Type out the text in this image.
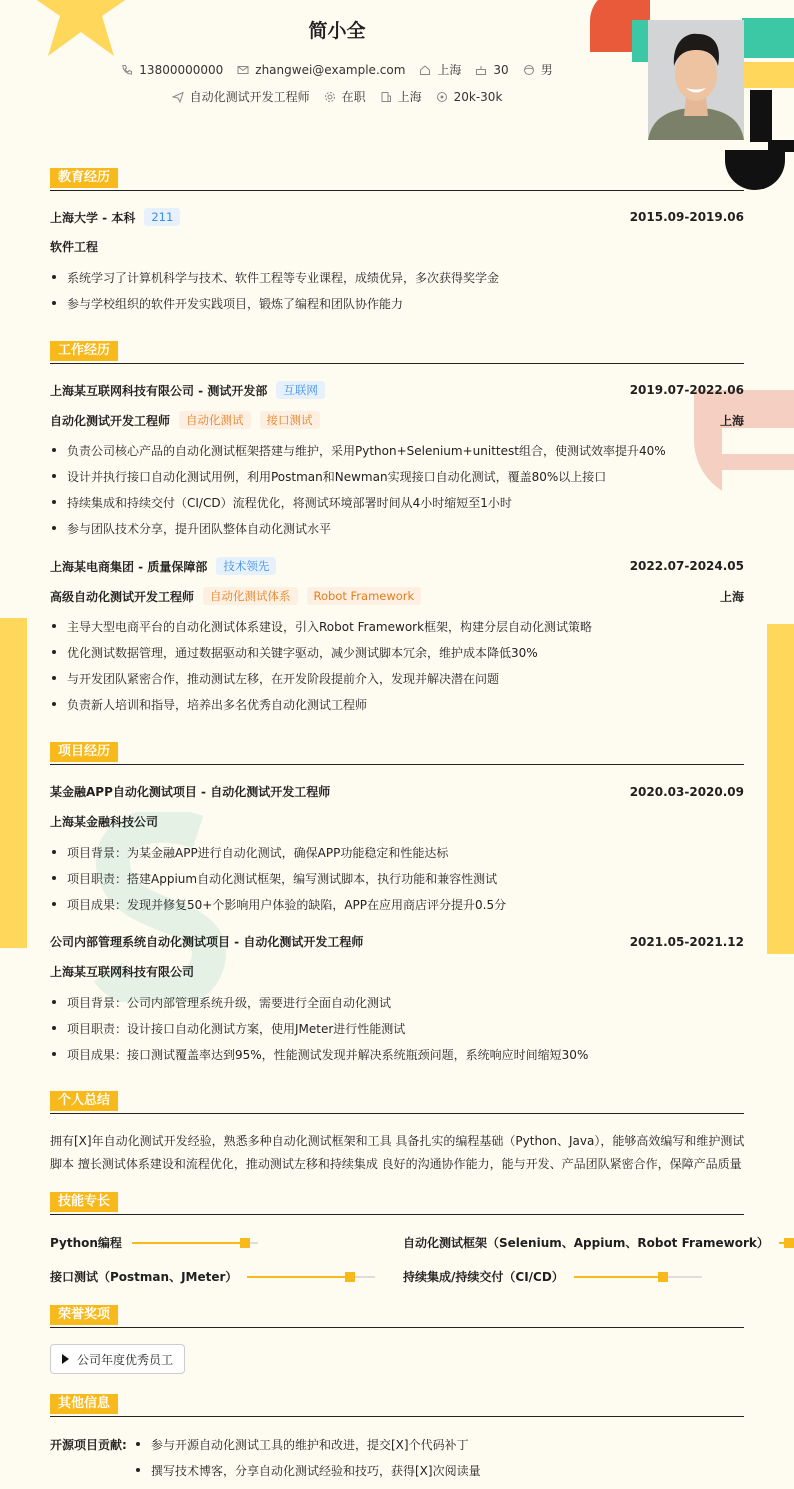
简小全
13800000000	zhangwei@example.com	上海	30	男
自动化测试开发工程师	在职	上海	20k-30k
教育经历
上海大学 - 本科	211	2015.09-2019.06
软件工程
系统学习了计算机科学与技术、软件工程等专业课程，成绩优异，多次获得奖学金
参与学校组织的软件开发实践项目，锻炼了编程和团队协作能力
工作经历
上海某互联网科技有限公司 - 测试开发部	互联网	2019.07-2022.06
自动化测试开发工程师	自动化测试	接口测试	上海
负责公司核心产品的自动化测试框架搭建与维护，采用Python+Selenium+unittest组合，使测试效率提升40%
设计并执行接口自动化测试用例，利用Postman和Newman实现接口自动化测试，覆盖80%以上接口
持续集成和持续交付（CI/CD）流程优化，将测试环境部署时间从4小时缩短至1小时
参与团队技术分享，提升团队整体自动化测试水平
上海某电商集团 - 质量保障部	技术领先	2022.07-2024.05
高级自动化测试开发工程师	自动化测试体系	Robot Framework	上海
主导大型电商平台的自动化测试体系建设，引入Robot Framework框架，构建分层自动化测试策略
优化测试数据管理，通过数据驱动和关键字驱动，减少测试脚本冗余，维护成本降低30%
与开发团队紧密合作，推动测试左移，在开发阶段提前介入，发现并解决潜在问题
负责新人培训和指导，培养出多名优秀自动化测试工程师
项目经历
某金融APP自动化测试项目 - 自动化测试开发工程师	2020.03-2020.09
上海某金融科技公司
项目背景：为某金融APP进行自动化测试，确保APP功能稳定和性能达标
项目职责：搭建Appium自动化测试框架，编写测试脚本，执行功能和兼容性测试
项目成果：发现并修复50+个影响用户体验的缺陷，APP在应用商店评分提升0.5分
公司内部管理系统自动化测试项目 - 自动化测试开发工程师	2021.05-2021.12
上海某互联网科技有限公司
项目背景：公司内部管理系统升级，需要进行全面自动化测试
项目职责：设计接口自动化测试方案，使用JMeter进行性能测试
项目成果：接口测试覆盖率达到95%，性能测试发现并解决系统瓶颈问题，系统响应时间缩短30%
个人总结
拥有[X]年自动化测试开发经验，熟悉多种自动化测试框架和工具 具备扎实的编程基础（Python、Java），能够高效编写和维护测试脚本 擅长测试体系建设和流程优化，推动测试左移和持续集成 良好的沟通协作能力，能与开发、产品团队紧密合作，保障产品质量
技能专长
Python编程	自动化测试框架（Selenium、Appium、Robot Framework）
接口测试（Postman、JMeter）	持续集成/持续交付（CI/CD）
荣誉奖项
公司年度优秀员工
其他信息
开源项目贡献:	参与开源自动化测试工具的维护和改进，提交[X]个代码补丁
撰写技术博客，分享自动化测试经验和技巧，获得[X]次阅读量
